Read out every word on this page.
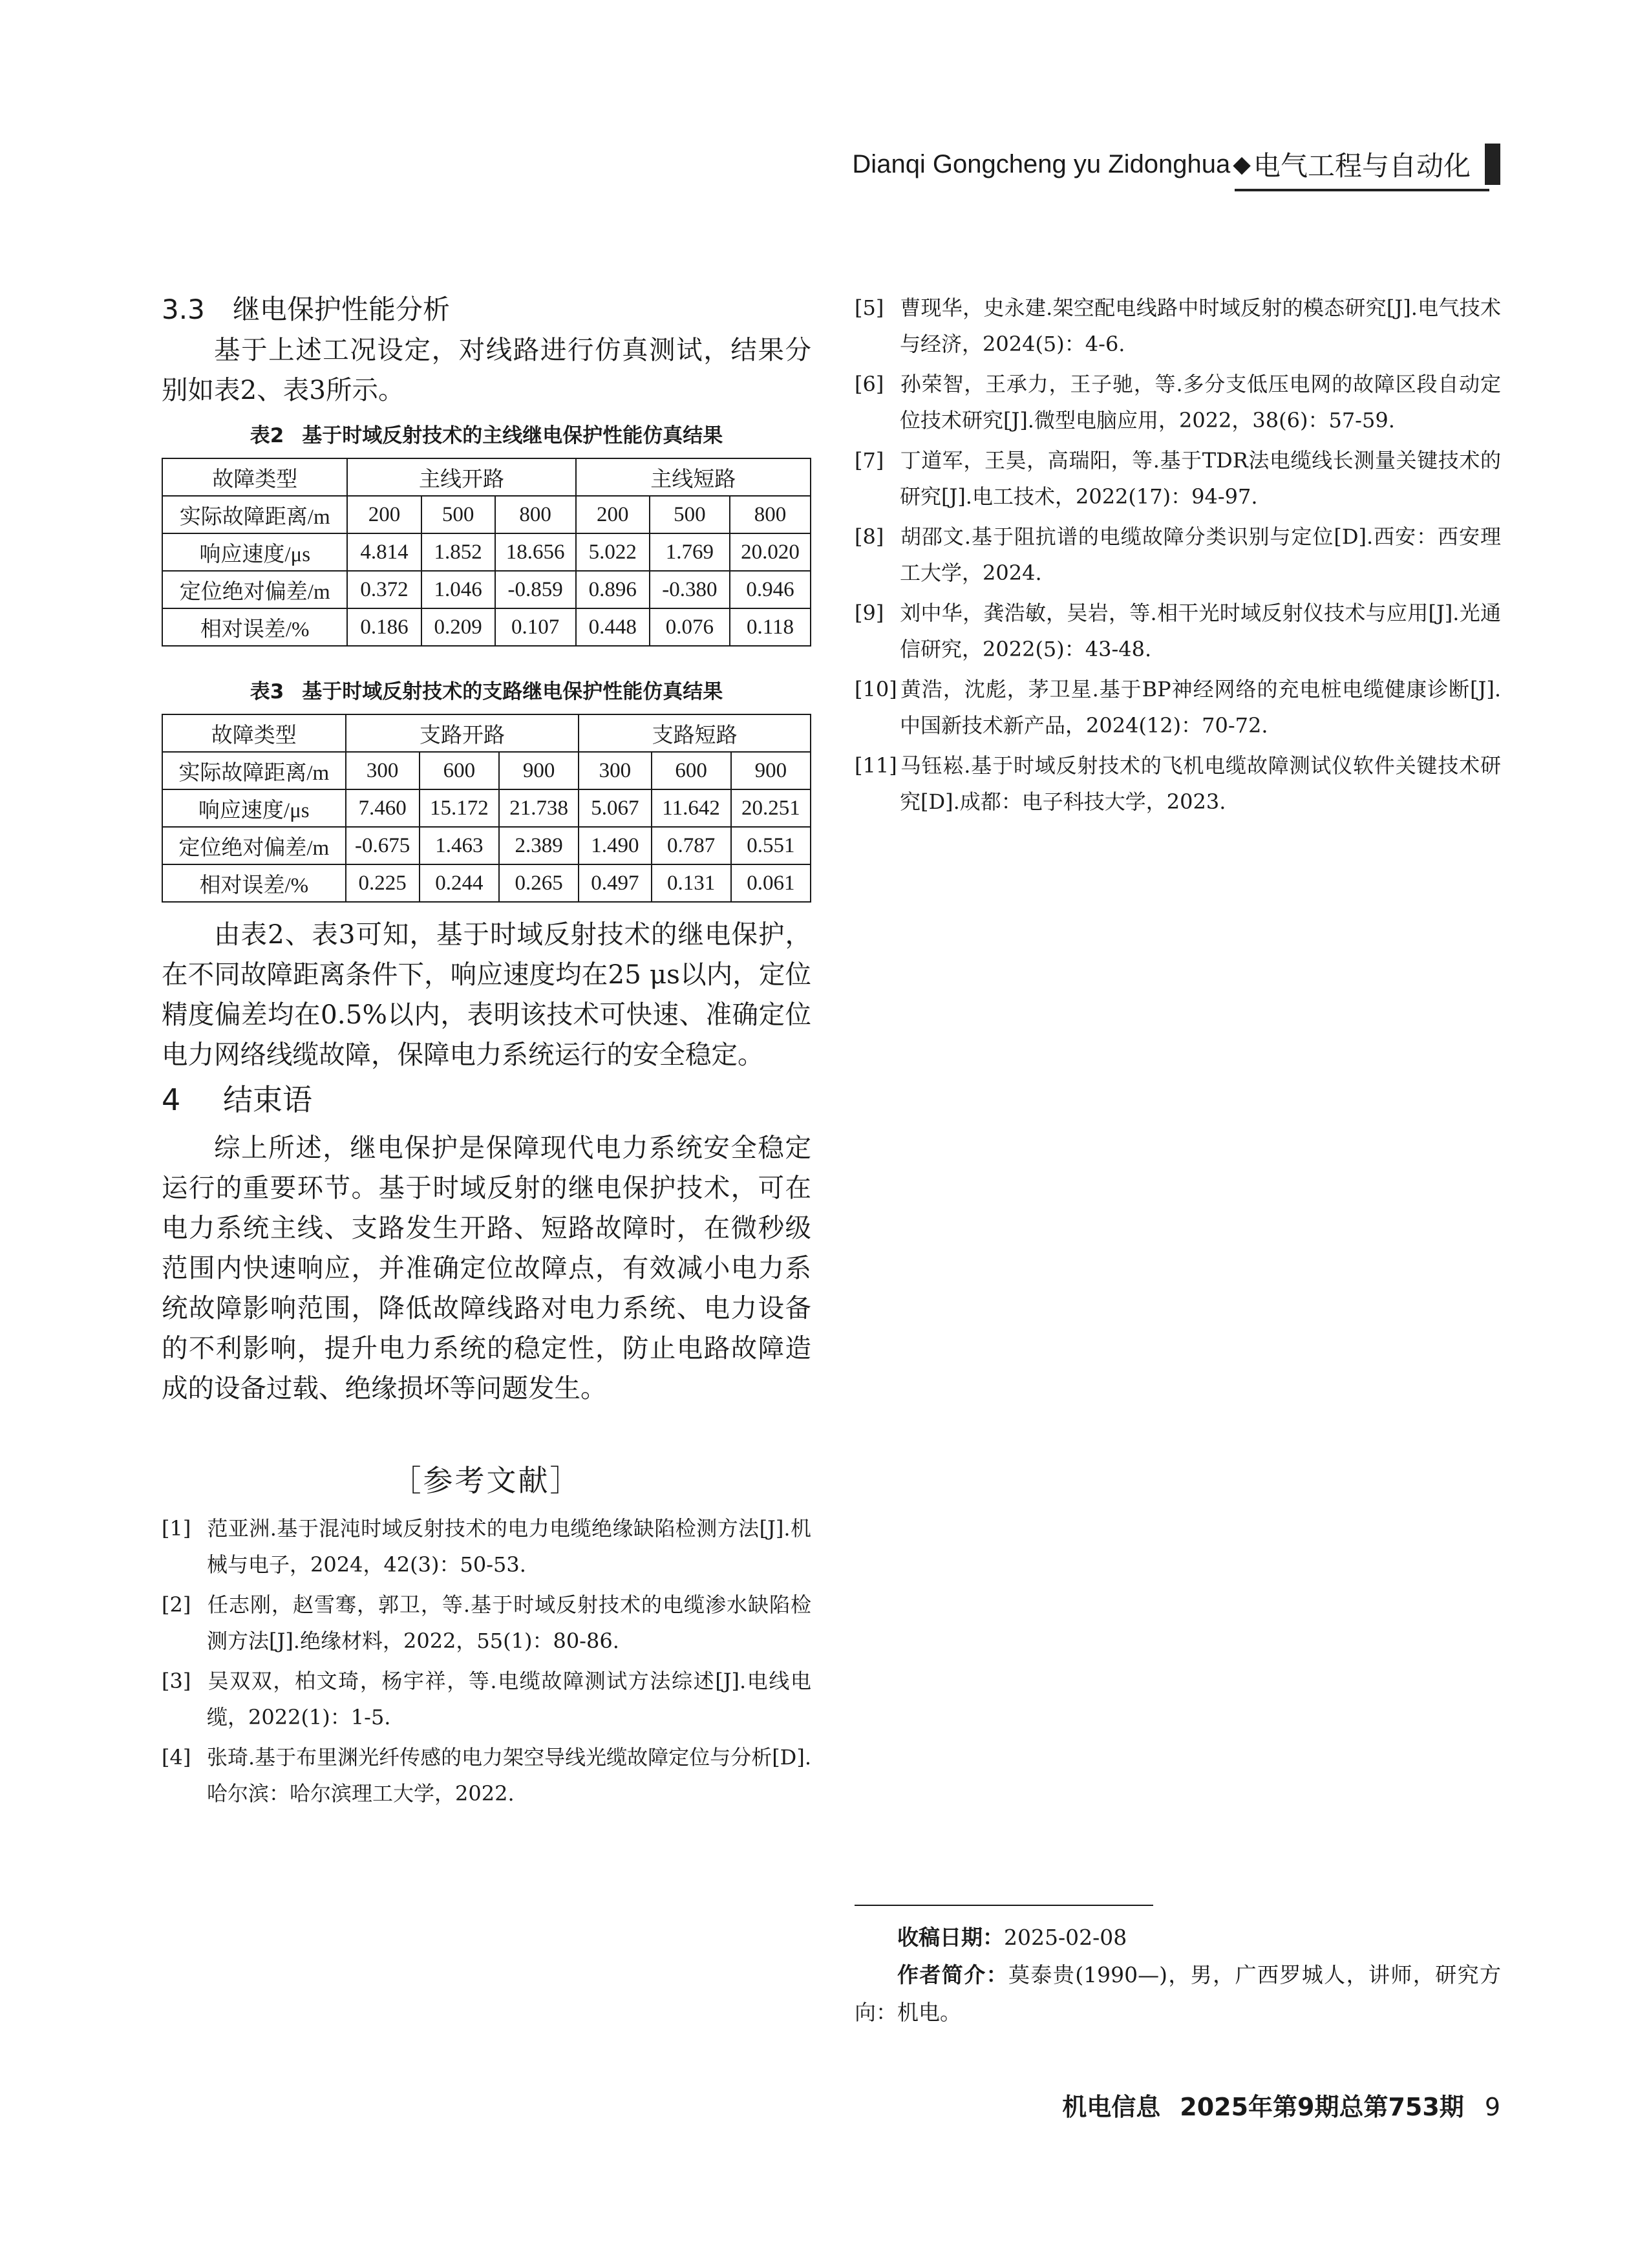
Dianqi Gongcheng yu Zidonghua ◆ 电气工程与自动化
3.3 继电保护性能分析

基于上述工况设定，对线路进行仿真测试，结果分别如表2、表3所示。

表2 基于时域反射技术的主线继电保护性能仿真结果

故障类型	主线开路			主线短路		
实际故障距离/m	200	500	800	200	500	800
响应速度/μs	4.814	1.852	18.656	5.022	1.769	20.020
定位绝对偏差/m	0.372	1.046	-0.859	0.896	-0.380	0.946
相对误差/%	0.186	0.209	0.107	0.448	0.076	0.118

表3 基于时域反射技术的支路继电保护性能仿真结果

故障类型	支路开路			支路短路		
实际故障距离/m	300	600	900	300	600	900
响应速度/μs	7.460	15.172	21.738	5.067	11.642	20.251
定位绝对偏差/m	-0.675	1.463	2.389	1.490	0.787	0.551
相对误差/%	0.225	0.244	0.265	0.497	0.131	0.061

由表2、表3可知，基于时域反射技术的继电保护，在不同故障距离条件下，响应速度均在25 μs以内，定位精度偏差均在0.5%以内，表明该技术可快速、准确定位电力网络线缆故障，保障电力系统运行的安全稳定。

4 结束语

综上所述，继电保护是保障现代电力系统安全稳定运行的重要环节。基于时域反射的继电保护技术，可在电力系统主线、支路发生开路、短路故障时，在微秒级范围内快速响应，并准确定位故障点，有效减小电力系统故障影响范围，降低故障线路对电力系统、电力设备的不利影响，提升电力系统的稳定性，防止电路故障造成的设备过载、绝缘损坏等问题发生。

［参考文献］

[1] 范亚洲.基于混沌时域反射技术的电力电缆绝缘缺陷检测方法[J].机械与电子，2024，42(3)：50-53.

[2] 任志刚，赵雪骞，郭卫，等.基于时域反射技术的电缆渗水缺陷检测方法[J].绝缘材料，2022，55(1)：80-86.

[3] 吴双双，柏文琦，杨宇祥，等.电缆故障测试方法综述[J].电线电缆，2022(1)：1-5.

[4] 张琦.基于布里渊光纤传感的电力架空导线光缆故障定位与分析[D].哈尔滨：哈尔滨理工大学，2022.

[5] 曹现华，史永建.架空配电线路中时域反射的模态研究[J].电气技术与经济，2024(5)：4-6.

[6] 孙荣智，王承力，王子驰，等.多分支低压电网的故障区段自动定位技术研究[J].微型电脑应用，2022，38(6)：57-59.

[7] 丁道军，王昊，高瑞阳，等.基于TDR法电缆线长测量关键技术的研究[J].电工技术，2022(17)：94-97.

[8] 胡邵文.基于阻抗谱的电缆故障分类识别与定位[D].西安：西安理工大学，2024.

[9] 刘中华，龚浩敏，吴岩，等.相干光时域反射仪技术与应用[J].光通信研究，2022(5)：43-48.

[10] 黄浩，沈彪，茅卫星.基于BP神经网络的充电桩电缆健康诊断[J].中国新技术新产品，2024(12)：70-72.

[11] 马钰崧.基于时域反射技术的飞机电缆故障测试仪软件关键技术研究[D].成都：电子科技大学，2023.

收稿日期：2025-02-08

作者简介：莫泰贵(1990—)，男，广西罗城人，讲师，研究方向：机电。

机电信息 2025年第9期总第753期 9
